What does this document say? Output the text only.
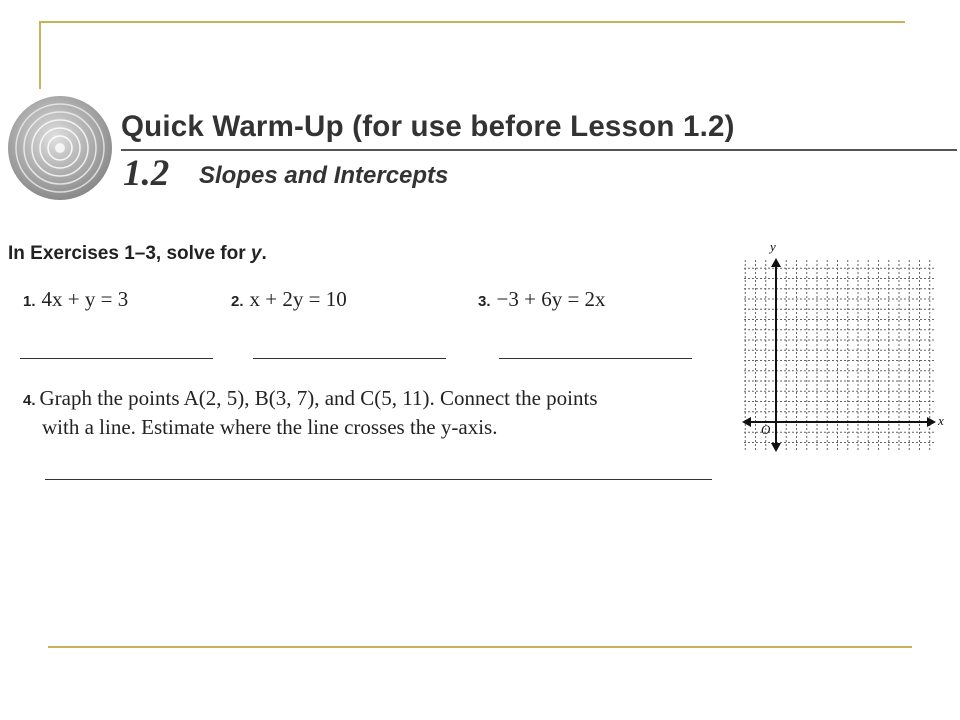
Quick Warm-Up (for use before Lesson 1.2)
1.2 Slopes and Intercepts
In Exercises 1–3, solve for y.
1. 4x + y = 3	2. x + 2y = 10	3. −3 + 6y = 2x
4. Graph the points A(2, 5), B(3, 7), and C(5, 11). Connect the points
with a line. Estimate where the line crosses the y-axis.
y
x
O
